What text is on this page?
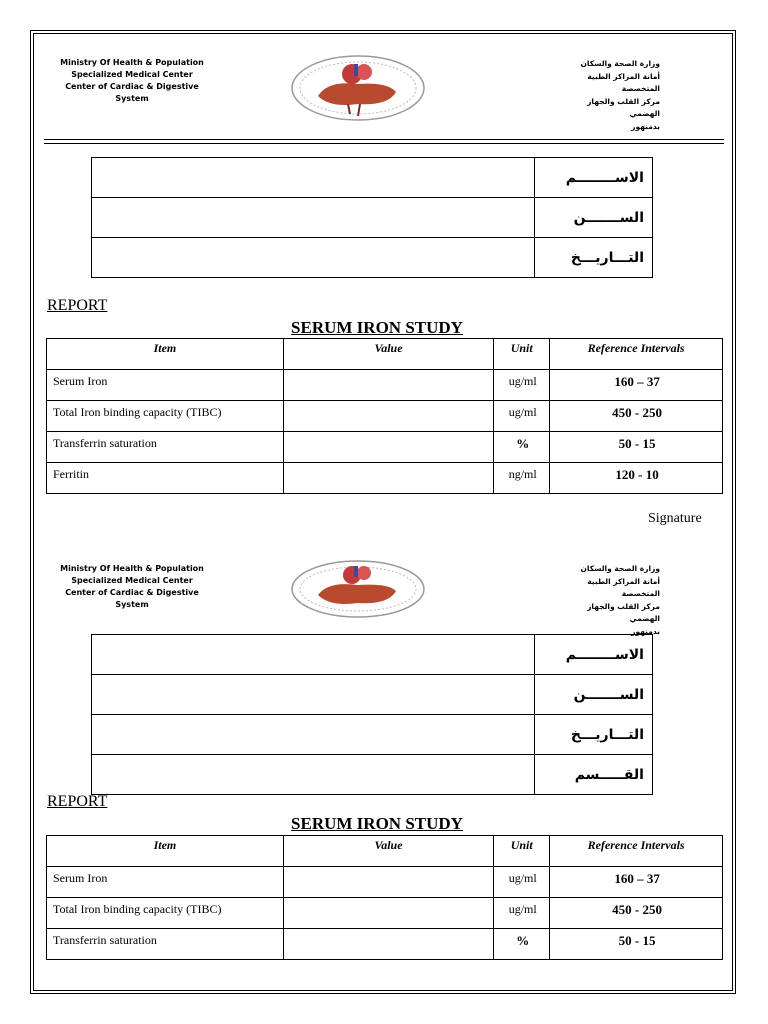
Ministry Of Health & Population
Specialized Medical Center
Center of Cardiac & Digestive
System
وزارة الصحة والسكان
أمانة المراكز الطبية المتخصصة
مركز القلب والجهاز الهضمي
بدمنهور
	الاســــــــم
	الســـــــن
	التـــاريـــخ
REPORT
SERUM IRON STUDY
Item	Value	Unit	Reference Intervals
Serum Iron		ug/ml	160 – 37
Total Iron binding capacity (TIBC)		ug/ml	450 - 250
Transferrin saturation		%	50 - 15
Ferritin		ng/ml	120 - 10
Signature
Ministry Of Health & Population
Specialized Medical Center
Center of Cardiac & Digestive
System
وزارة الصحة والسكان
أمانة المراكز الطبية المتخصصة
مركز القلب والجهاز الهضمي
بدمنهور
	الاســــــــم
	الســـــــن
	التـــاريـــخ
	القـــــسم
REPORT
SERUM IRON STUDY
Item	Value	Unit	Reference Intervals
Serum Iron		ug/ml	160 – 37
Total Iron binding capacity (TIBC)		ug/ml	450 - 250
Transferrin saturation		%	50 - 15
